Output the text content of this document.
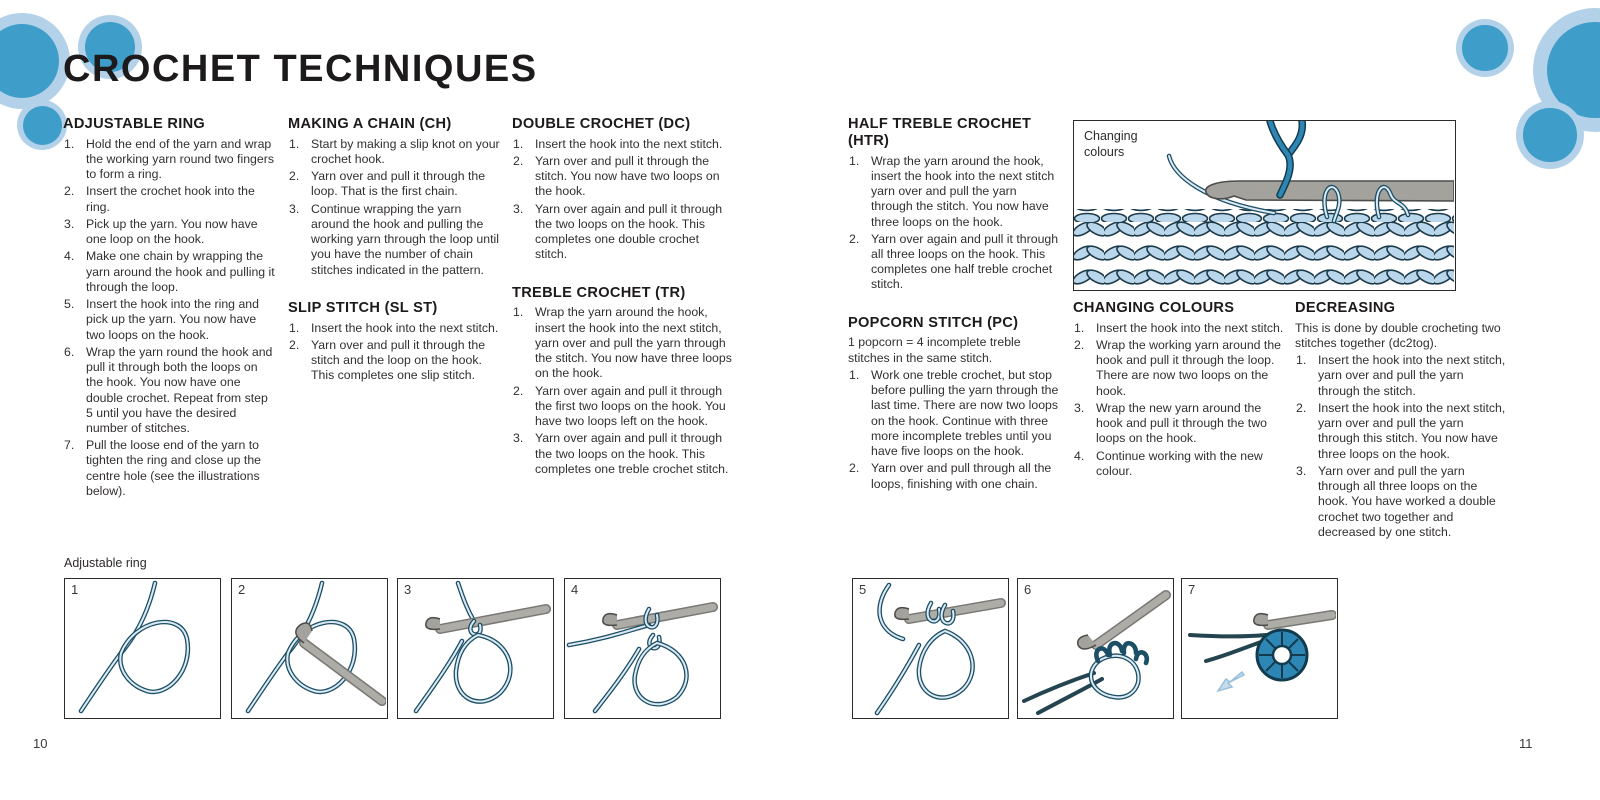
CROCHET TECHNIQUES
ADJUSTABLE RING
Hold the end of the yarn and wrap the working yarn round two fingers to form a ring.
Insert the crochet hook into the ring.
Pick up the yarn. You now have one loop on the hook.
Make one chain by wrapping the yarn around the hook and pulling it through the loop.
Insert the hook into the ring and pick up the yarn. You now have two loops on the hook.
Wrap the yarn round the hook and pull it through both the loops on the hook. You now have one double crochet. Repeat from step 5 until you have the desired number of stitches.
Pull the loose end of the yarn to tighten the ring and close up the centre hole (see the illustrations below).
MAKING A CHAIN (CH)
Start by making a slip knot on your crochet hook.
Yarn over and pull it through the loop. That is the first chain.
Continue wrapping the yarn around the hook and pulling the working yarn through the loop until you have the number of chain stitches indicated in the pattern.
SLIP STITCH (SL ST)
Insert the hook into the next stitch.
Yarn over and pull it through the stitch and the loop on the hook. This completes one slip stitch.
DOUBLE CROCHET (DC)
Insert the hook into the next stitch.
Yarn over and pull it through the stitch. You now have two loops on the hook.
Yarn over again and pull it through the two loops on the hook. This completes one double crochet stitch.
TREBLE CROCHET (TR)
Wrap the yarn around the hook, insert the hook into the next stitch, yarn over and pull the yarn through the stitch. You now have three loops on the hook.
Yarn over again and pull it through the first two loops on the hook. You have two loops left on the hook.
Yarn over again and pull it through the two loops on the hook. This completes one treble crochet stitch.
HALF TREBLE CROCHET (HTR)
Wrap the yarn around the hook, insert the hook into the next stitch yarn over and pull the yarn through the stitch. You now have three loops on the hook.
Yarn over again and pull it through all three loops on the hook. This completes one half treble crochet stitch.
POPCORN STITCH (PC)

1 popcorn = 4 incomplete treble stitches in the same stitch.

Work one treble crochet, but stop before pulling the yarn through the last time. There are now two loops on the hook. Continue with three more incomplete trebles until you have five loops on the hook.
Yarn over and pull through all the loops, finishing with one chain.
Changing colours
CHANGING COLOURS
Insert the hook into the next stitch.
Wrap the working yarn around the hook and pull it through the loop. There are now two loops on the hook.
Wrap the new yarn around the hook and pull it through the two loops on the hook.
Continue working with the new colour.
DECREASING

This is done by double crocheting two stitches together (dc2tog).

Insert the hook into the next stitch, yarn over and pull the yarn through the stitch.
Insert the hook into the next stitch, yarn over and pull the yarn through this stitch. You now have three loops on the hook.
Yarn over and pull the yarn through all three loops on the hook. You have worked a double crochet two together and decreased by one stitch.
Adjustable ring
1	2	3	4	5	6	7
10	11
